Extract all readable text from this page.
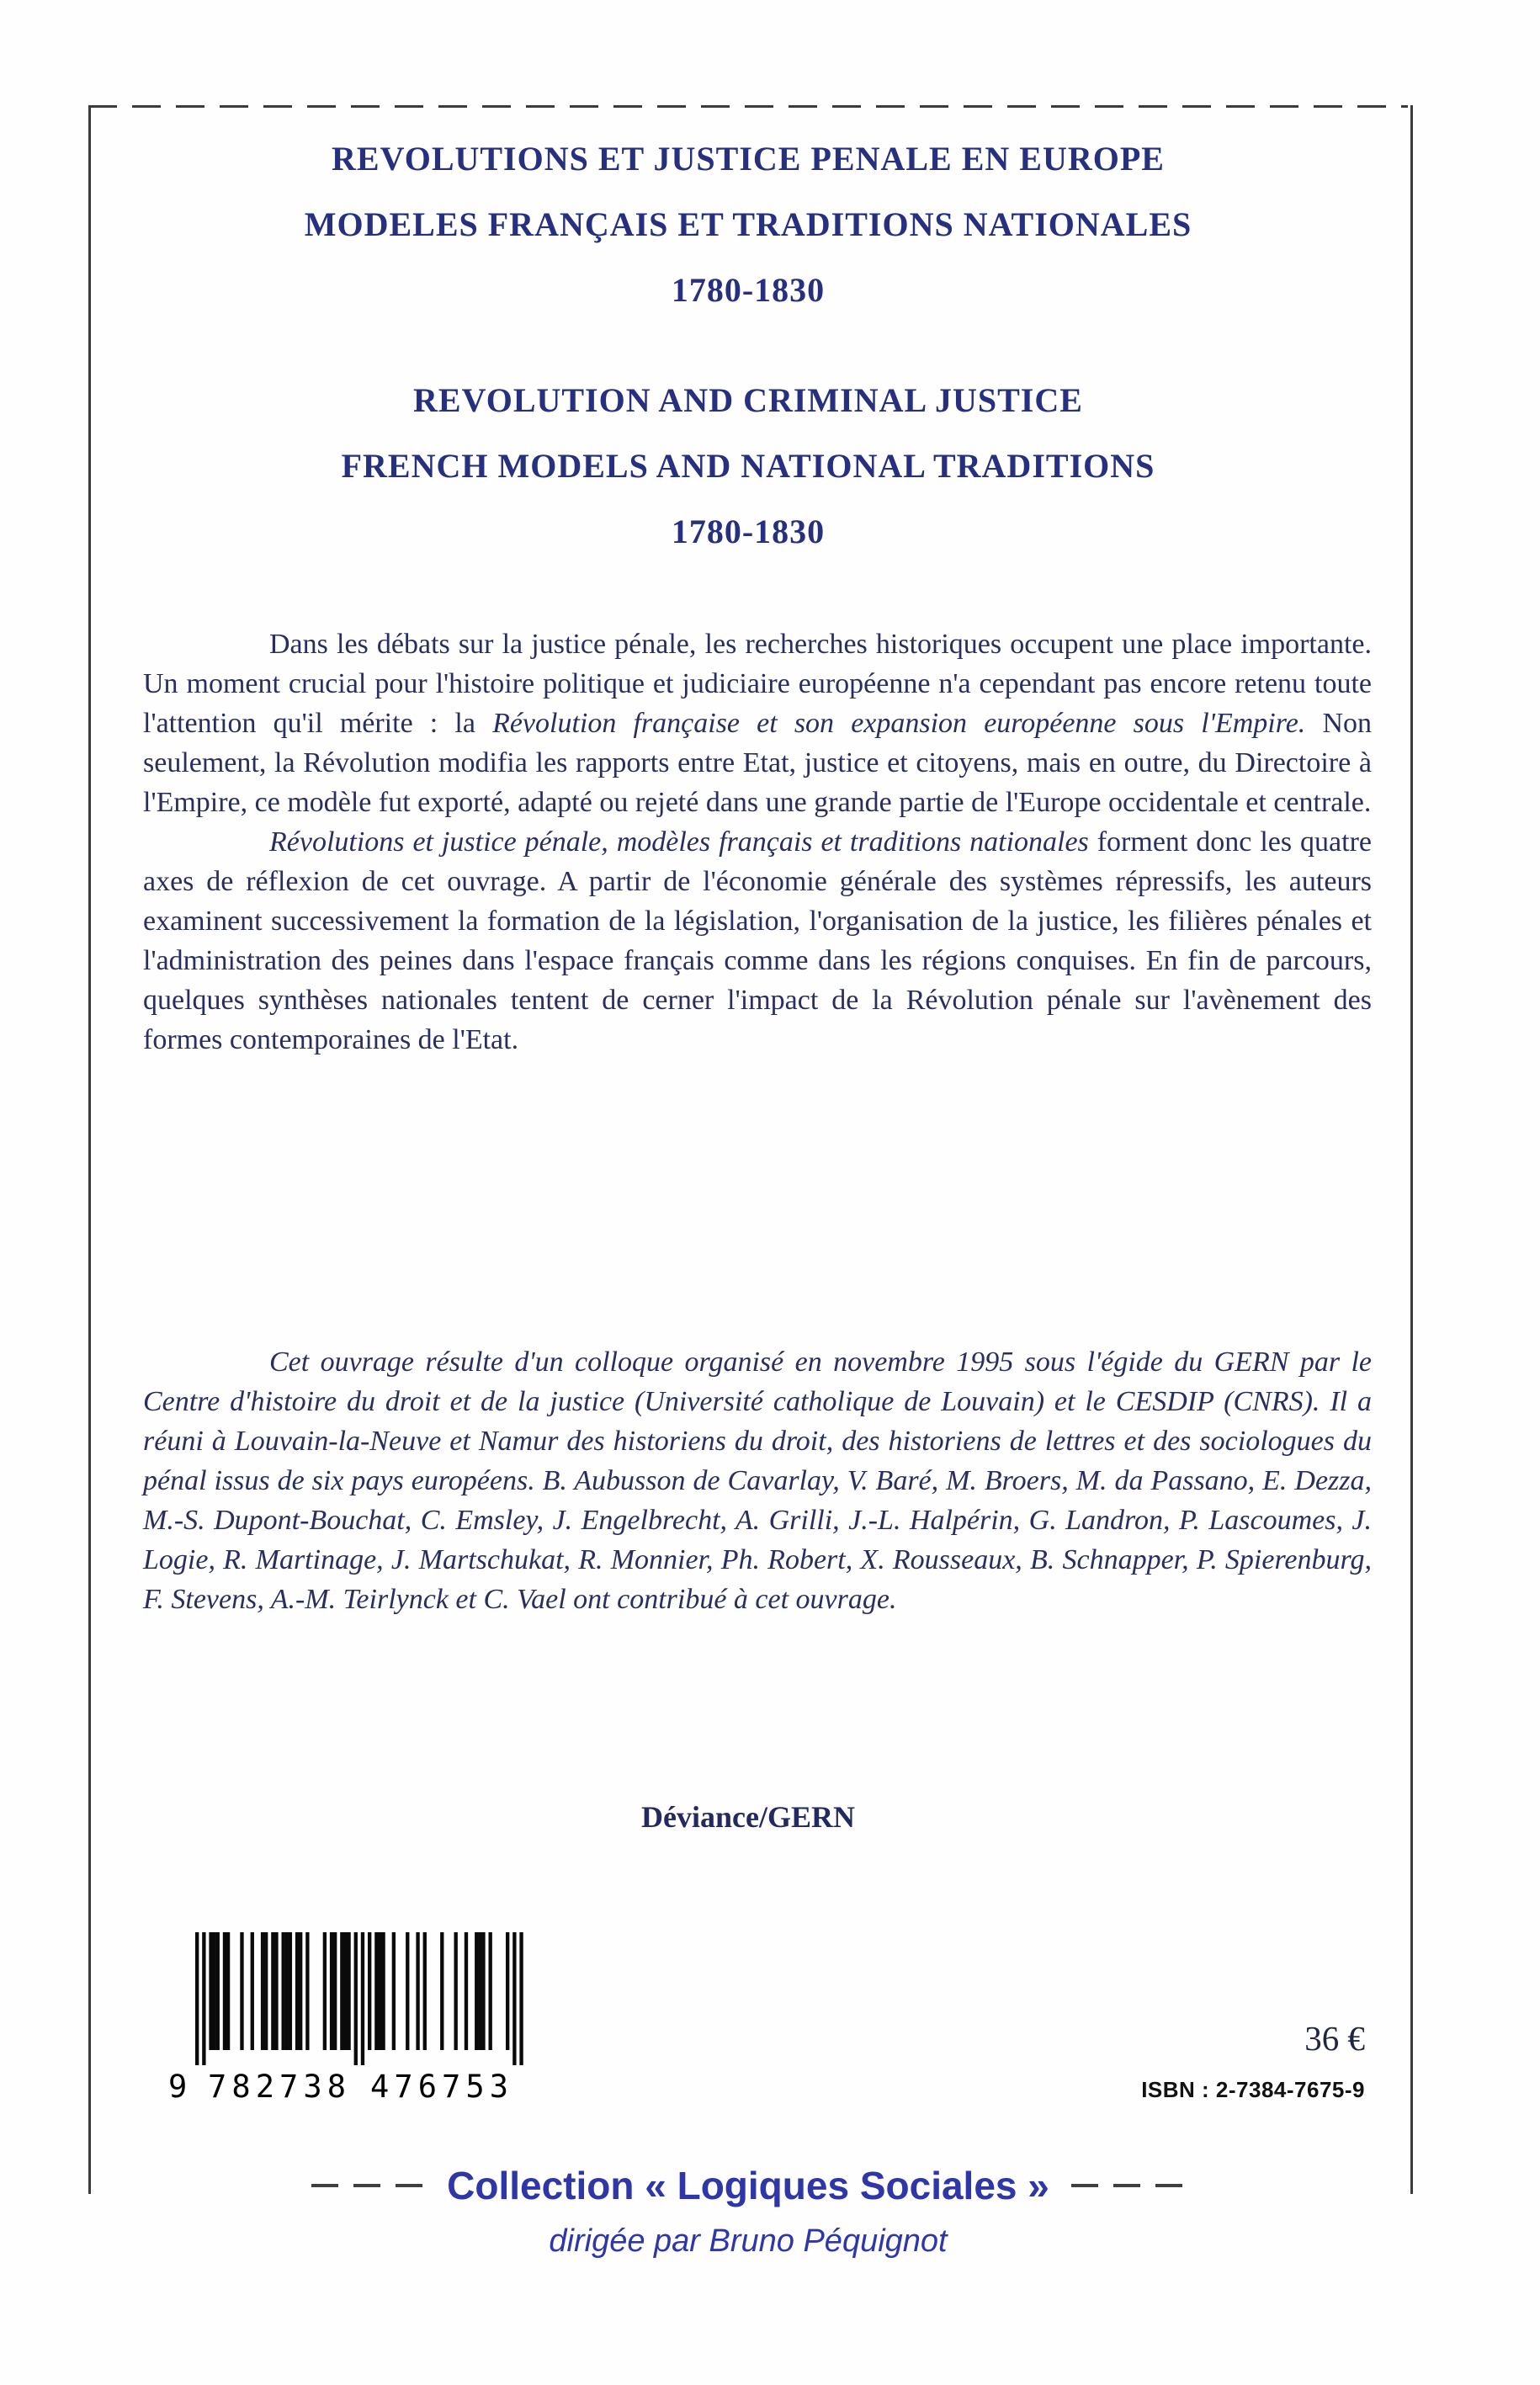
REVOLUTIONS ET JUSTICE PENALE EN EUROPE
MODELES FRANÇAIS ET TRADITIONS NATIONALES
1780-1830
REVOLUTION AND CRIMINAL JUSTICE
FRENCH MODELS AND NATIONAL TRADITIONS
1780-1830

Dans les débats sur la justice pénale, les recherches historiques occupent une place importante. Un moment crucial pour l'histoire politique et judiciaire européenne n'a cependant pas encore retenu toute l'attention qu'il mérite : la Révolution française et son expansion européenne sous l'Empire. Non seulement, la Révolution modifia les rapports entre Etat, justice et citoyens, mais en outre, du Directoire à l'Empire, ce modèle fut exporté, adapté ou rejeté dans une grande partie de l'Europe occidentale et centrale.

Révolutions et justice pénale, modèles français et traditions nationales forment donc les quatre axes de réflexion de cet ouvrage. A partir de l'économie générale des systèmes répressifs, les auteurs examinent successivement la formation de la législation, l'organisation de la justice, les filières pénales et l'administration des peines dans l'espace français comme dans les régions conquises. En fin de parcours, quelques synthèses nationales tentent de cerner l'impact de la Révolution pénale sur l'avènement des formes contemporaines de l'Etat.

Cet ouvrage résulte d'un colloque organisé en novembre 1995 sous l'égide du GERN par le Centre d'histoire du droit et de la justice (Université catholique de Louvain) et le CESDIP (CNRS). Il a réuni à Louvain-la-Neuve et Namur des historiens du droit, des historiens de lettres et des sociologues du pénal issus de six pays européens. B. Aubusson de Cavarlay, V. Baré, M. Broers, M. da Passano, E. Dezza, M.-S. Dupont-Bouchat, C. Emsley, J. Engelbrecht, A. Grilli, J.-L. Halpérin, G. Landron, P. Lascoumes, J. Logie, R. Martinage, J. Martschukat, R. Monnier, Ph. Robert, X. Rousseaux, B. Schnapper, P. Spierenburg, F. Stevens, A.-M. Teirlynck et C. Vael ont contribué à cet ouvrage.

Déviance/GERN
9 782738 476753
36 €
ISBN : 2-7384-7675-9
Collection « Logiques Sociales »
dirigée par Bruno Péquignot
